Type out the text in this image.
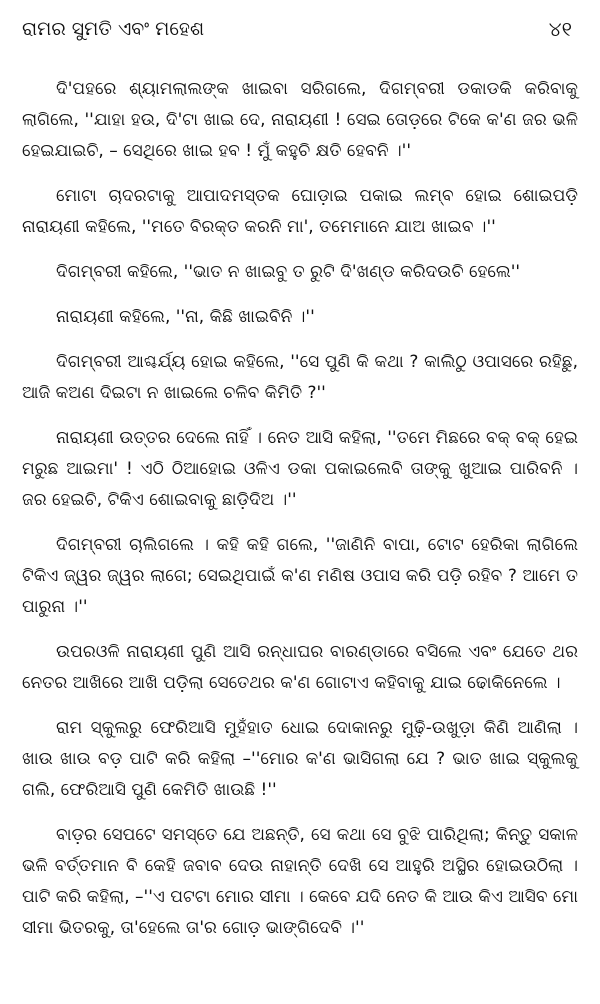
ରାମର ସୁମତି ଏବଂ ମହେଶ	୪୧

ଦି'ପହରେ ଶ୍ୟାମଲାଲଙ୍କ ଖାଇବା ସରିଗଲେ, ଦିଗମ୍ବରୀ ଡକାଡକି କରିବାକୁ ଲାଗିଲେ, ''ଯାହା ହଉ, ଦି'ଟା ଖାଇ ଦେ, ନାରାୟଣୀ ! ସେଇ ତୋଡ଼ରେ ଟିକେ କ'ଣ ଜର ଭଳି ହେଇଯାଇଚି, – ସେଥିରେ ଖାଇ ହବ ! ମୁଁ କହୁଚି କ୍ଷତି ହେବନି ।''

ମୋଟା ଚାଦରଟାକୁ ଆପାଦମସ୍ତକ ଘୋଡ଼ାଇ ପକାଇ ଲମ୍ବ ହୋଇ ଶୋଇପଡ଼ି ନାରାୟଣୀ କହିଲେ, ''ମତେ ବିରକ୍ତ କରନି ମା', ତମେମାନେ ଯାଅ ଖାଇବ ।''

ଦିଗମ୍ବରୀ କହିଲେ, ''ଭାତ ନ ଖାଇବୁ ତ ରୁଟି ଦି'ଖଣ୍ଡ କରିଦଉଚି ହେଲେ''

ନାରାୟଣୀ କହିଲେ, ''ନା, କିଛି ଖାଇବିନି ।''

ଦିଗମ୍ବରୀ ଆଶ୍ଚର୍ଯ୍ୟ ହୋଇ କହିଲେ, ''ସେ ପୁଣି କି କଥା ? କାଲିଠୁ ଓପାସରେ ରହିଛୁ, ଆଜି କଅଣ ଦିଇଟା ନ ଖାଇଲେ ଚଳିବ କିମିତି ?''

ନାରାୟଣୀ ଉତ୍ତର ଦେଲେ ନାହିଁ । ନେତ ଆସି କହିଲା, ''ତମେ ମିଛରେ ବକ୍ ବକ୍ ହେଇ ମରୁଛ ଆଇମା' ! ଏଠି ଠିଆହୋଇ ଓଳିଏ ଡକା ପକାଇଲେବି ତାଙ୍କୁ ଖୁଆଇ ପାରିବନି । ଜର ହେଇଚି, ଟିକିଏ ଶୋଇବାକୁ ଛାଡ଼ିଦିଅ ।''

ଦିଗମ୍ବରୀ ଚାଲିଗଲେ । କହି କହି ଗଲେ, ''ଜାଣିନି ବାପା, ଟୋଟ ହେରିକା ଲାଗିଲେ ଟିକିଏ ଜ୍ୱର ଜ୍ୱର ଲାଗେ; ସେଇଥିପାଇଁ କ'ଣ ମଣିଷ ଓପାସ କରି ପଡ଼ି ରହିବ ? ଆମେ ତ ପାରୁନା ।''

ଉପରଓଳି ନାରାୟଣୀ ପୁଣି ଆସି ରନ୍ଧାଘର ବାରଣ୍ଡାରେ ବସିଲେ ଏବଂ ଯେତେ ଥର ନେତର ଆଖିରେ ଆଖି ପଡ଼ିଲା ସେତେଥର କ'ଣ ଗୋଟାଏ କହିବାକୁ ଯାଇ ଢୋକିନେଲେ ।

ରାମ ସ୍କୁଲରୁ ଫେରିଆସି ମୁହଁହାତ ଧୋଇ ଦୋକାନରୁ ମୁଢ଼ି-ଉଖୁଡ଼ା କିଣି ଆଣିଲା । ଖାଉ ଖାଉ ବଡ଼ ପାଟି କରି କହିଲା –''ମୋର କ'ଣ ଭାସିଗଲା ଯେ ? ଭାତ ଖାଇ ସ୍କୁଲକୁ ଗଲି, ଫେରିଆସି ପୁଣି କେମିତି ଖାଉଛି !''

ବାଡ଼ର ସେପଟେ ସମସ୍ତେ ଯେ ଅଛନ୍ତି, ସେ କଥା ସେ ବୁଝି ପାରିଥିଲା; କିନ୍ତୁ ସକାଳ ଭଳି ବର୍ତ୍ତମାନ ବି କେହି ଜବାବ ଦେଉ ନାହାନ୍ତି ଦେଖି ସେ ଆହୁରି ଅସ୍ଥିର ହୋଇଉଠିଲା । ପାଟି କରି କହିଲା, –''ଏ ପଟଟା ମୋର ସୀମା । କେବେ ଯଦି ନେତ କି ଆଉ କିଏ ଆସିବ ମୋ ସୀମା ଭିତରକୁ, ତା'ହେଲେ ତା'ର ଗୋଡ଼ ଭାଙ୍ଗିଦେବି ।''
